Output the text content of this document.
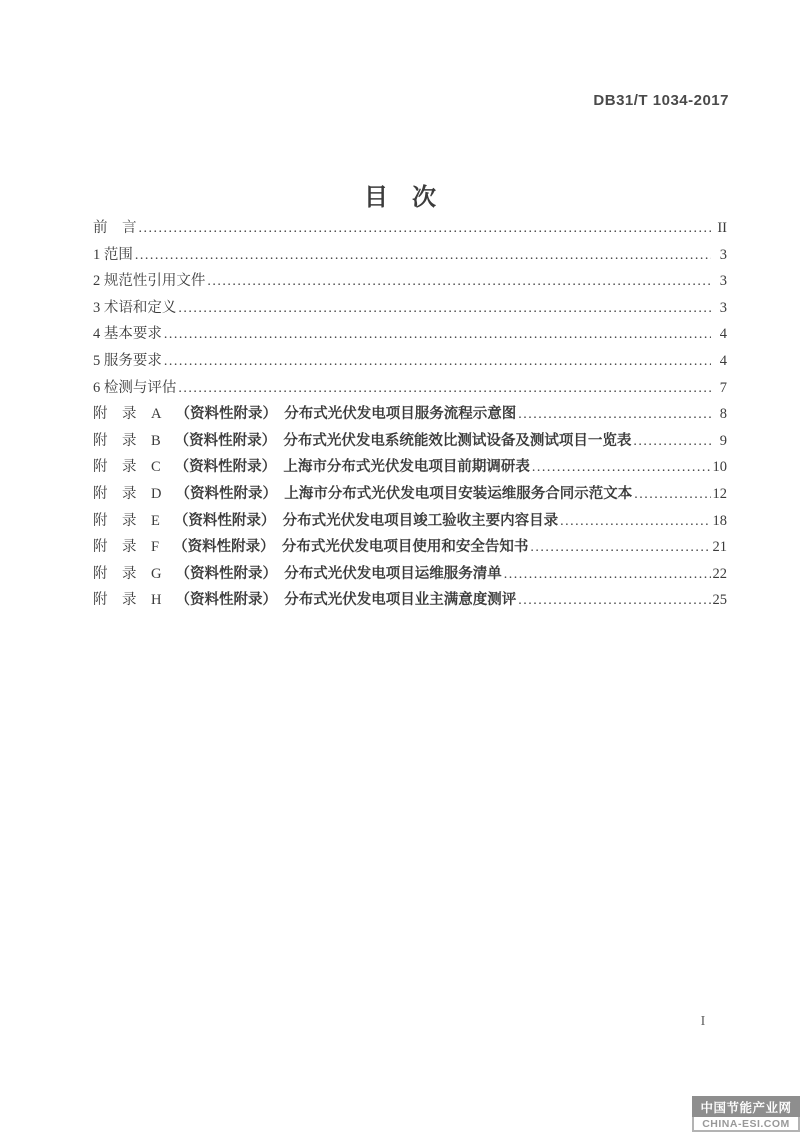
DB31/T 1034-2017
目　次
前　言 .....	II
1 范围 .....	3
2 规范性引用文件 .....	3
3 术语和定义 .....	3
4 基本要求 .....	4
5 服务要求 .....	4
6 检测与评估 .....	7
附　录　A （资料性附录）　分布式光伏发电项目服务流程示意图 .....	8
附　录　B （资料性附录）　分布式光伏发电系统能效比测试设备及测试项目一览表 .....	9
附　录　C （资料性附录）　上海市分布式光伏发电项目前期调研表 .....	10
附　录　D （资料性附录）　上海市分布式光伏发电项目安装运维服务合同示范文本 .....	12
附　录　E （资料性附录）　分布式光伏发电项目竣工验收主要内容目录 .....	18
附　录　F （资料性附录）　分布式光伏发电项目使用和安全告知书 .....	21
附　录　G （资料性附录）　分布式光伏发电项目运维服务清单 .....	22
附　录　H （资料性附录）　分布式光伏发电项目业主满意度测评 .....	25
I
中国节能产业网
CHINA-ESI.COM
